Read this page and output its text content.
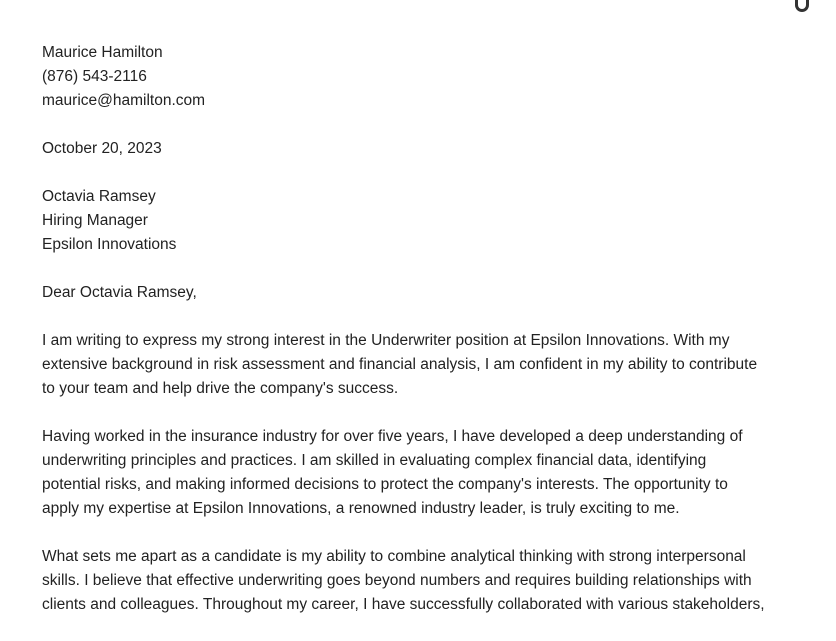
Maurice Hamilton
(876) 543-2116
maurice@hamilton.com
October 20, 2023
Octavia Ramsey
Hiring Manager
Epsilon Innovations
Dear Octavia Ramsey,
I am writing to express my strong interest in the Underwriter position at Epsilon Innovations. With my
extensive background in risk assessment and financial analysis, I am confident in my ability to contribute
to your team and help drive the company's success.
Having worked in the insurance industry for over five years, I have developed a deep understanding of
underwriting principles and practices. I am skilled in evaluating complex financial data, identifying
potential risks, and making informed decisions to protect the company's interests. The opportunity to
apply my expertise at Epsilon Innovations, a renowned industry leader, is truly exciting to me.
What sets me apart as a candidate is my ability to combine analytical thinking with strong interpersonal
skills. I believe that effective underwriting goes beyond numbers and requires building relationships with
clients and colleagues. Throughout my career, I have successfully collaborated with various stakeholders,
